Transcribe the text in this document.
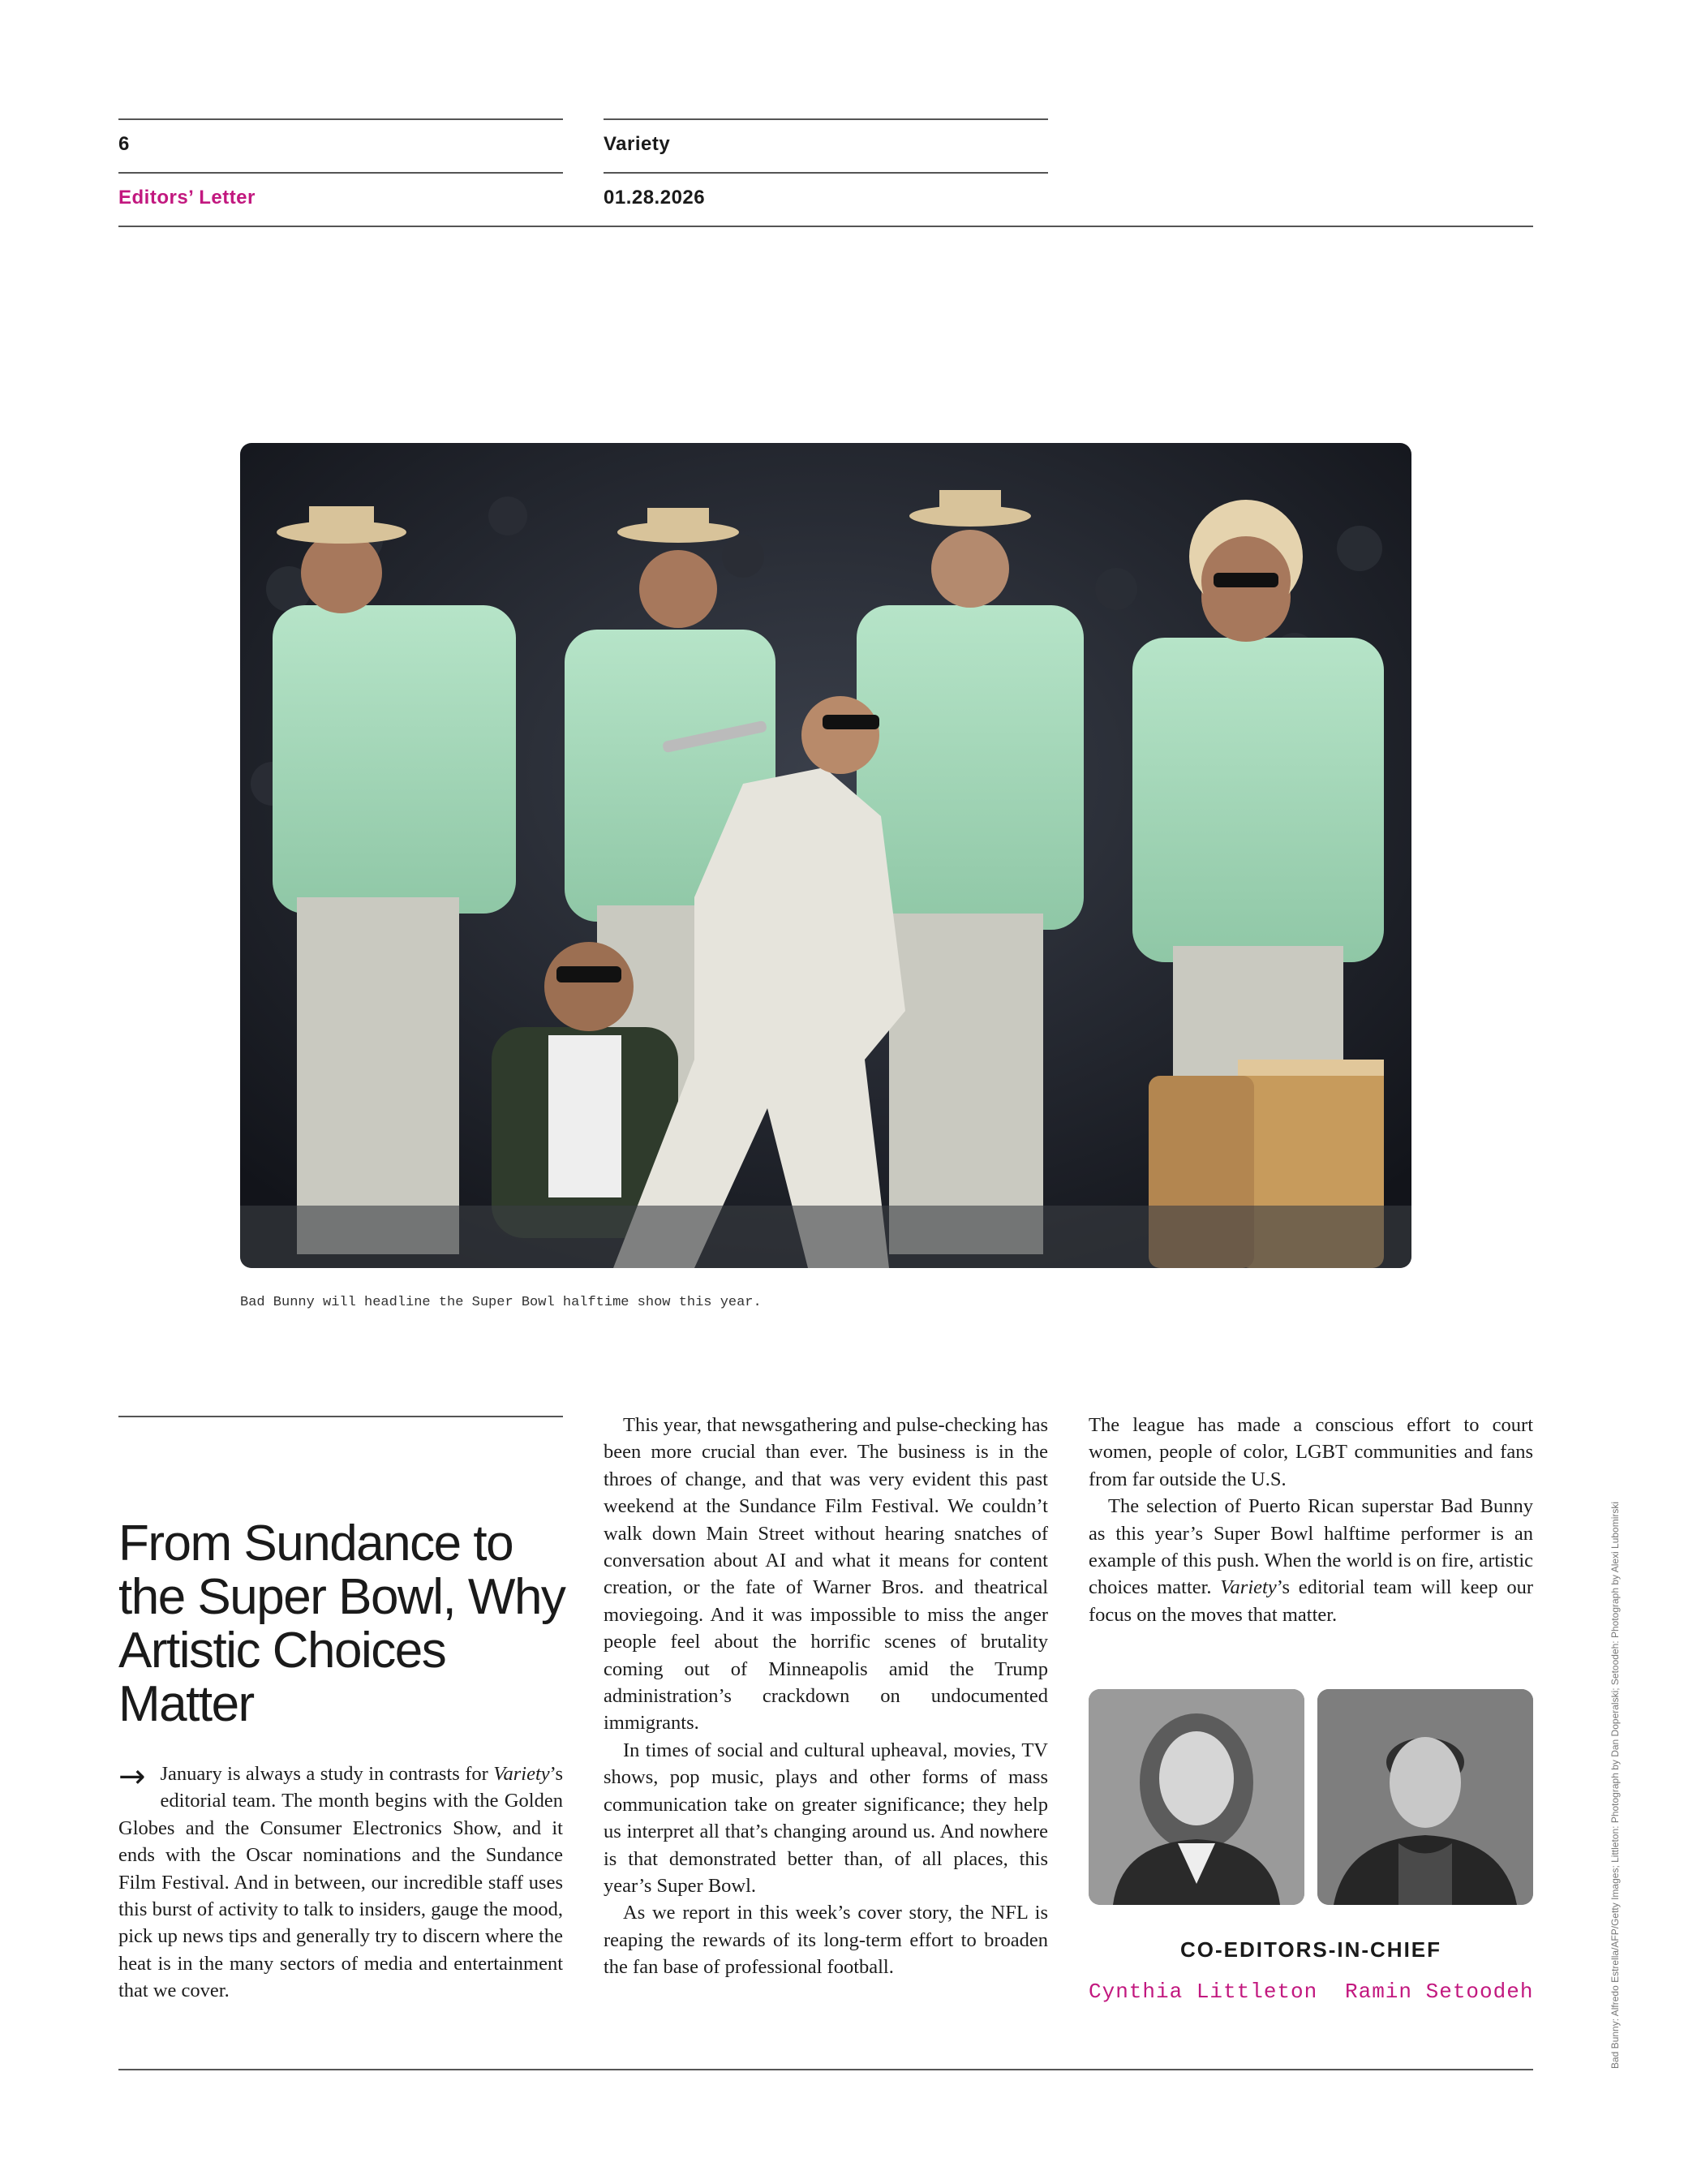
6	Variety
Editors’ Letter	01.28.2026
Bad Bunny will headline the Super Bowl halftime show this year.
From Sundance to the Super Bowl, Why Artistic Choices Matter
→ January is always a study in contrasts for Variety’s editorial team. The month begins with the Golden Globes and the Consumer Electronics Show, and it ends with the Oscar nominations and the Sundance Film Festival. And in between, our incredible staff uses this burst of activity to talk to insiders, gauge the mood, pick up news tips and generally try to discern where the heat is in the many sectors of media and entertainment that we cover.

This year, that newsgathering and pulse-checking has been more crucial than ever. The business is in the throes of change, and that was very evident this past weekend at the Sundance Film Festival. We couldn’t walk down Main Street without hearing snatches of conversation about AI and what it means for content creation, or the fate of Warner Bros. and theatrical moviegoing. And it was impossible to miss the anger people feel about the horrific scenes of brutality coming out of Minneapolis amid the Trump administration’s crackdown on undocumented immigrants.

In times of social and cultural upheaval, movies, TV shows, pop music, plays and other forms of mass communication take on greater significance; they help us interpret all that’s changing around us. And nowhere is that demonstrated better than, of all places, this year’s Super Bowl.

As we report in this week’s cover story, the NFL is reaping the rewards of its long-term effort to broaden the fan base of professional football.

The league has made a conscious effort to court women, people of color, LGBT communities and fans from far outside the U.S.

The selection of Puerto Rican superstar Bad Bunny as this year’s Super Bowl halftime performer is an example of this push. When the world is on fire, artistic choices matter. Variety’s editorial team will keep our focus on the moves that matter.

CO-EDITORS-IN-CHIEF
Cynthia Littleton Ramin Setoodeh	Bad Bunny: Alfredo Estrella/AFP/Getty Images; Littleton: Photograph by Dan Doperalski; Setoodeh: Photograph by Alexi Lubomirski
